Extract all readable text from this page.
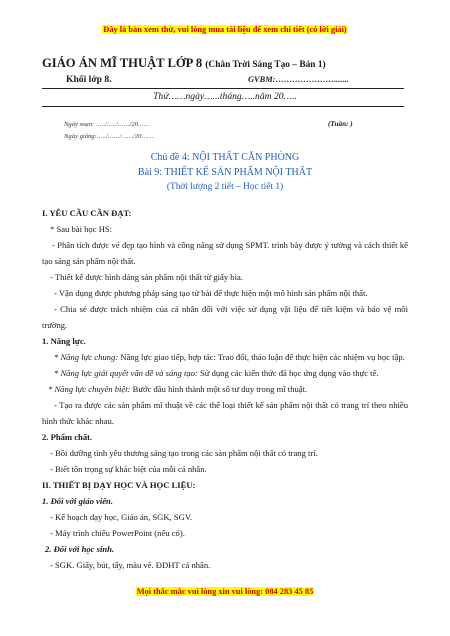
Đây là bản xem thử, vui lòng mua tài liệu để xem chi tiết (có lời giải)
GIÁO ÁN MĨ THUẬT LỚP 8 (Chân Trời Sáng Tạo – Bản 1)
Khối lớp 8.	GVBM:………………….......
Thứ……ngày…...tháng…..năm 20…..
Ngày soạn: …../…../……/20……
Ngày giảng:…../……/……/20……
(Tuần: )
Chủ đề 4: NỘI THẤT CĂN PHÒNG
Bài 9: THIẾT KẾ SẢN PHẨM NỘI THẤT
(Thời lượng 2 tiết – Học tiết 1)

I. YÊU CẦU CẦN ĐẠT:

* Sau bài học HS:

- Phân tích được vẻ đẹp tạo hình và công năng sử dụng SPMT. trình bày được ý tưởng và cách thiết kế tạo sáng sản phẩm nội thất.

- Thiết kế được hình dáng sản phẩm nội thất từ giấy bìa.

- Vận dụng được phương pháp sáng tạo từ bài để thực hiện một mô hình sản phẩm nội thất.

- Chia sẻ được trách nhiệm của cá nhân đối với việc sử dụng vật liệu để tiết kiệm và bảo vệ môi trường.

1. Năng lực.

* Năng lực chung: Năng lực giao tiếp, hợp tác: Trao đổi, thảo luận để thực hiện các nhiệm vụ học tập.

* Năng lực giải quyết vấn đề và sáng tạo: Sử dụng các kiến thức đã học ứng dụng vào thực tế.

* Năng lực chuyên biệt: Bước đầu hình thành một số tư duy trong mĩ thuật.

- Tạo ra được các sản phẩm mĩ thuật về các thể loại thiết kế sản phẩm nội thất có trang trí theo nhiều hình thức khác nhau.

2. Phẩm chất.

- Bồi dưỡng tình yêu thương sáng tạo trong các sản phẩm nội thất có trang trí.

- Biết tôn trọng sự khác biệt của mỗi cá nhân.

II. THIẾT BỊ DẠY HỌC VÀ HỌC LIỆU:

1. Đối với giáo viên.

- Kế hoạch dạy học, Giáo án, SGK, SGV.

- Máy trình chiếu PowerPoint (nếu có).

2. Đối với học sinh.

- SGK. Giấy, bút, tẩy, màu vẽ. ĐDHT cá nhân.

Mọi thắc mắc vui lòng xin vui lòng: 084 283 45 85
